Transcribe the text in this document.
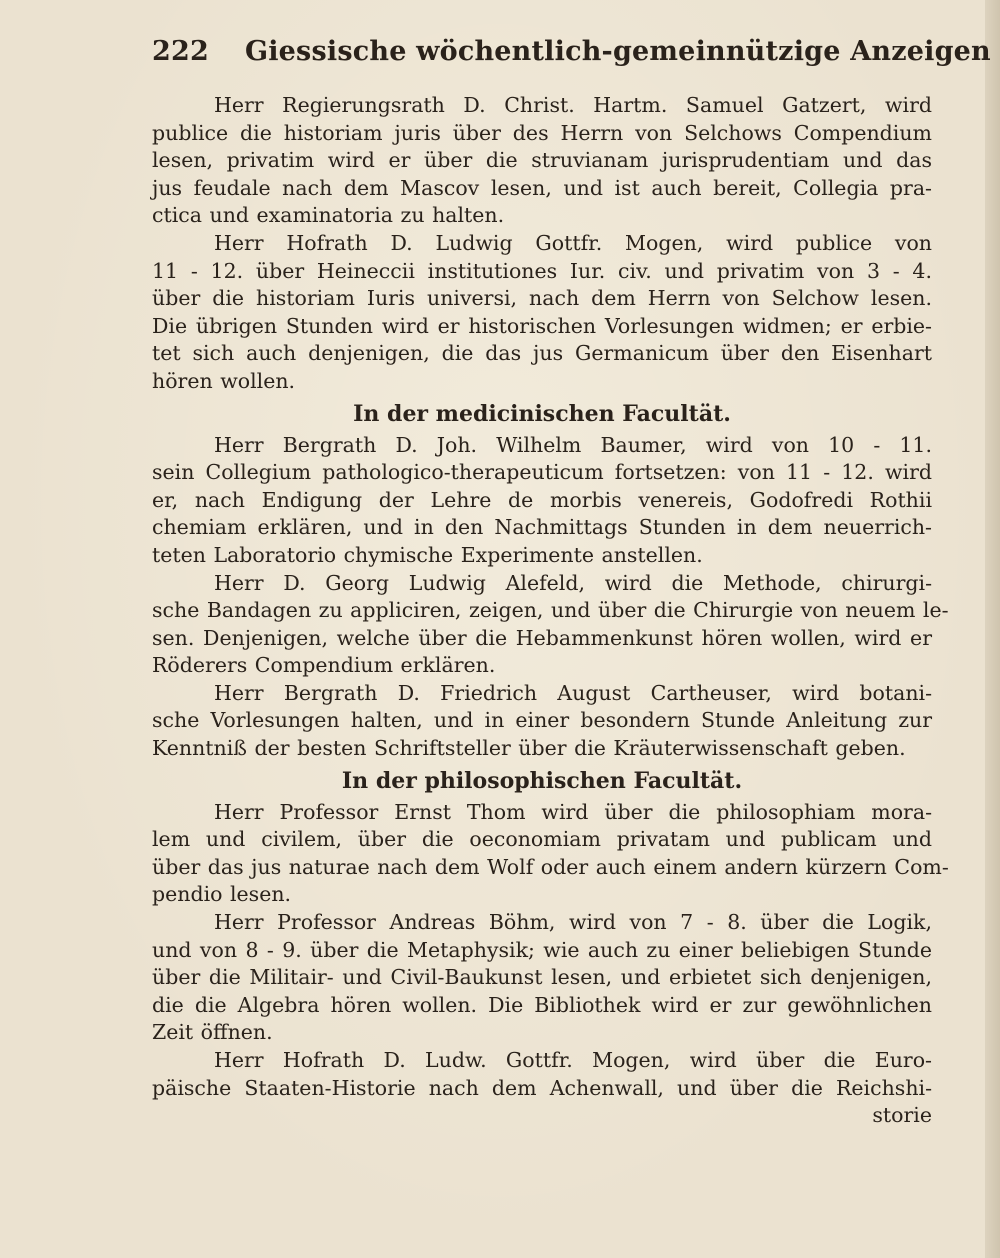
222	Giessische wöchentlich-gemeinnützige Anzeigen
Herr Regierungsrath D. Christ. Hartm. Samuel Gatzert, wird
publice die historiam juris über des Herrn von Selchows Compendium
lesen, privatim wird er über die struvianam jurisprudentiam und das
jus feudale nach dem Mascov lesen, und ist auch bereit, Collegia pra-
ctica und examinatoria zu halten.
Herr Hofrath D. Ludwig Gottfr. Mogen, wird publice von
11 - 12. über Heineccii institutiones Iur. civ. und privatim von 3 - 4.
über die historiam Iuris universi, nach dem Herrn von Selchow lesen.
Die übrigen Stunden wird er historischen Vorlesungen widmen; er erbie-
tet sich auch denjenigen, die das jus Germanicum über den Eisenhart
hören wollen.
In der medicinischen Facultät.
Herr Bergrath D. Joh. Wilhelm Baumer, wird von 10 - 11.
sein Collegium pathologico-therapeuticum fortsetzen: von 11 - 12. wird
er, nach Endigung der Lehre de morbis venereis, Godofredi Rothii
chemiam erklären, und in den Nachmittags Stunden in dem neuerrich-
teten Laboratorio chymische Experimente anstellen.
Herr D. Georg Ludwig Alefeld, wird die Methode, chirurgi-
sche Bandagen zu appliciren, zeigen, und über die Chirurgie von neuem le-
sen. Denjenigen, welche über die Hebammenkunst hören wollen, wird er
Röderers Compendium erklären.
Herr Bergrath D. Friedrich August Cartheuser, wird botani-
sche Vorlesungen halten, und in einer besondern Stunde Anleitung zur
Kenntniß der besten Schriftsteller über die Kräuterwissenschaft geben.
In der philosophischen Facultät.
Herr Professor Ernst Thom wird über die philosophiam mora-
lem und civilem, über die oeconomiam privatam und publicam und
über das jus naturae nach dem Wolf oder auch einem andern kürzern Com-
pendio lesen.
Herr Professor Andreas Böhm, wird von 7 - 8. über die Logik,
und von 8 - 9. über die Metaphysik; wie auch zu einer beliebigen Stunde
über die Militair- und Civil-Baukunst lesen, und erbietet sich denjenigen,
die die Algebra hören wollen. Die Bibliothek wird er zur gewöhnlichen
Zeit öffnen.
Herr Hofrath D. Ludw. Gottfr. Mogen, wird über die Euro-
päische Staaten-Historie nach dem Achenwall, und über die Reichshi-
storie
